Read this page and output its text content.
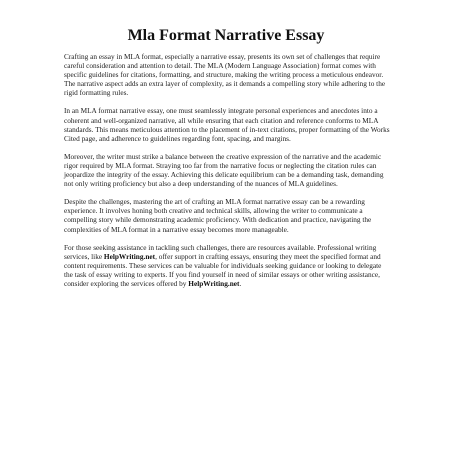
Mla Format Narrative Essay

Crafting an essay in MLA format, especially a narrative essay, presents its own set of challenges that require careful consideration and attention to detail. The MLA (Modern Language Association) format comes with specific guidelines for citations, formatting, and structure, making the writing process a meticulous endeavor. The narrative aspect adds an extra layer of complexity, as it demands a compelling story while adhering to the rigid formatting rules.

In an MLA format narrative essay, one must seamlessly integrate personal experiences and anecdotes into a coherent and well-organized narrative, all while ensuring that each citation and reference conforms to MLA standards. This means meticulous attention to the placement of in-text citations, proper formatting of the Works Cited page, and adherence to guidelines regarding font, spacing, and margins.

Moreover, the writer must strike a balance between the creative expression of the narrative and the academic rigor required by MLA format. Straying too far from the narrative focus or neglecting the citation rules can jeopardize the integrity of the essay. Achieving this delicate equilibrium can be a demanding task, demanding not only writing proficiency but also a deep understanding of the nuances of MLA guidelines.

Despite the challenges, mastering the art of crafting an MLA format narrative essay can be a rewarding experience. It involves honing both creative and technical skills, allowing the writer to communicate a compelling story while demonstrating academic proficiency. With dedication and practice, navigating the complexities of MLA format in a narrative essay becomes more manageable.

For those seeking assistance in tackling such challenges, there are resources available. Professional writing services, like HelpWriting.net, offer support in crafting essays, ensuring they meet the specified format and content requirements. These services can be valuable for individuals seeking guidance or looking to delegate the task of essay writing to experts. If you find yourself in need of similar essays or other writing assistance, consider exploring the services offered by HelpWriting.net.
